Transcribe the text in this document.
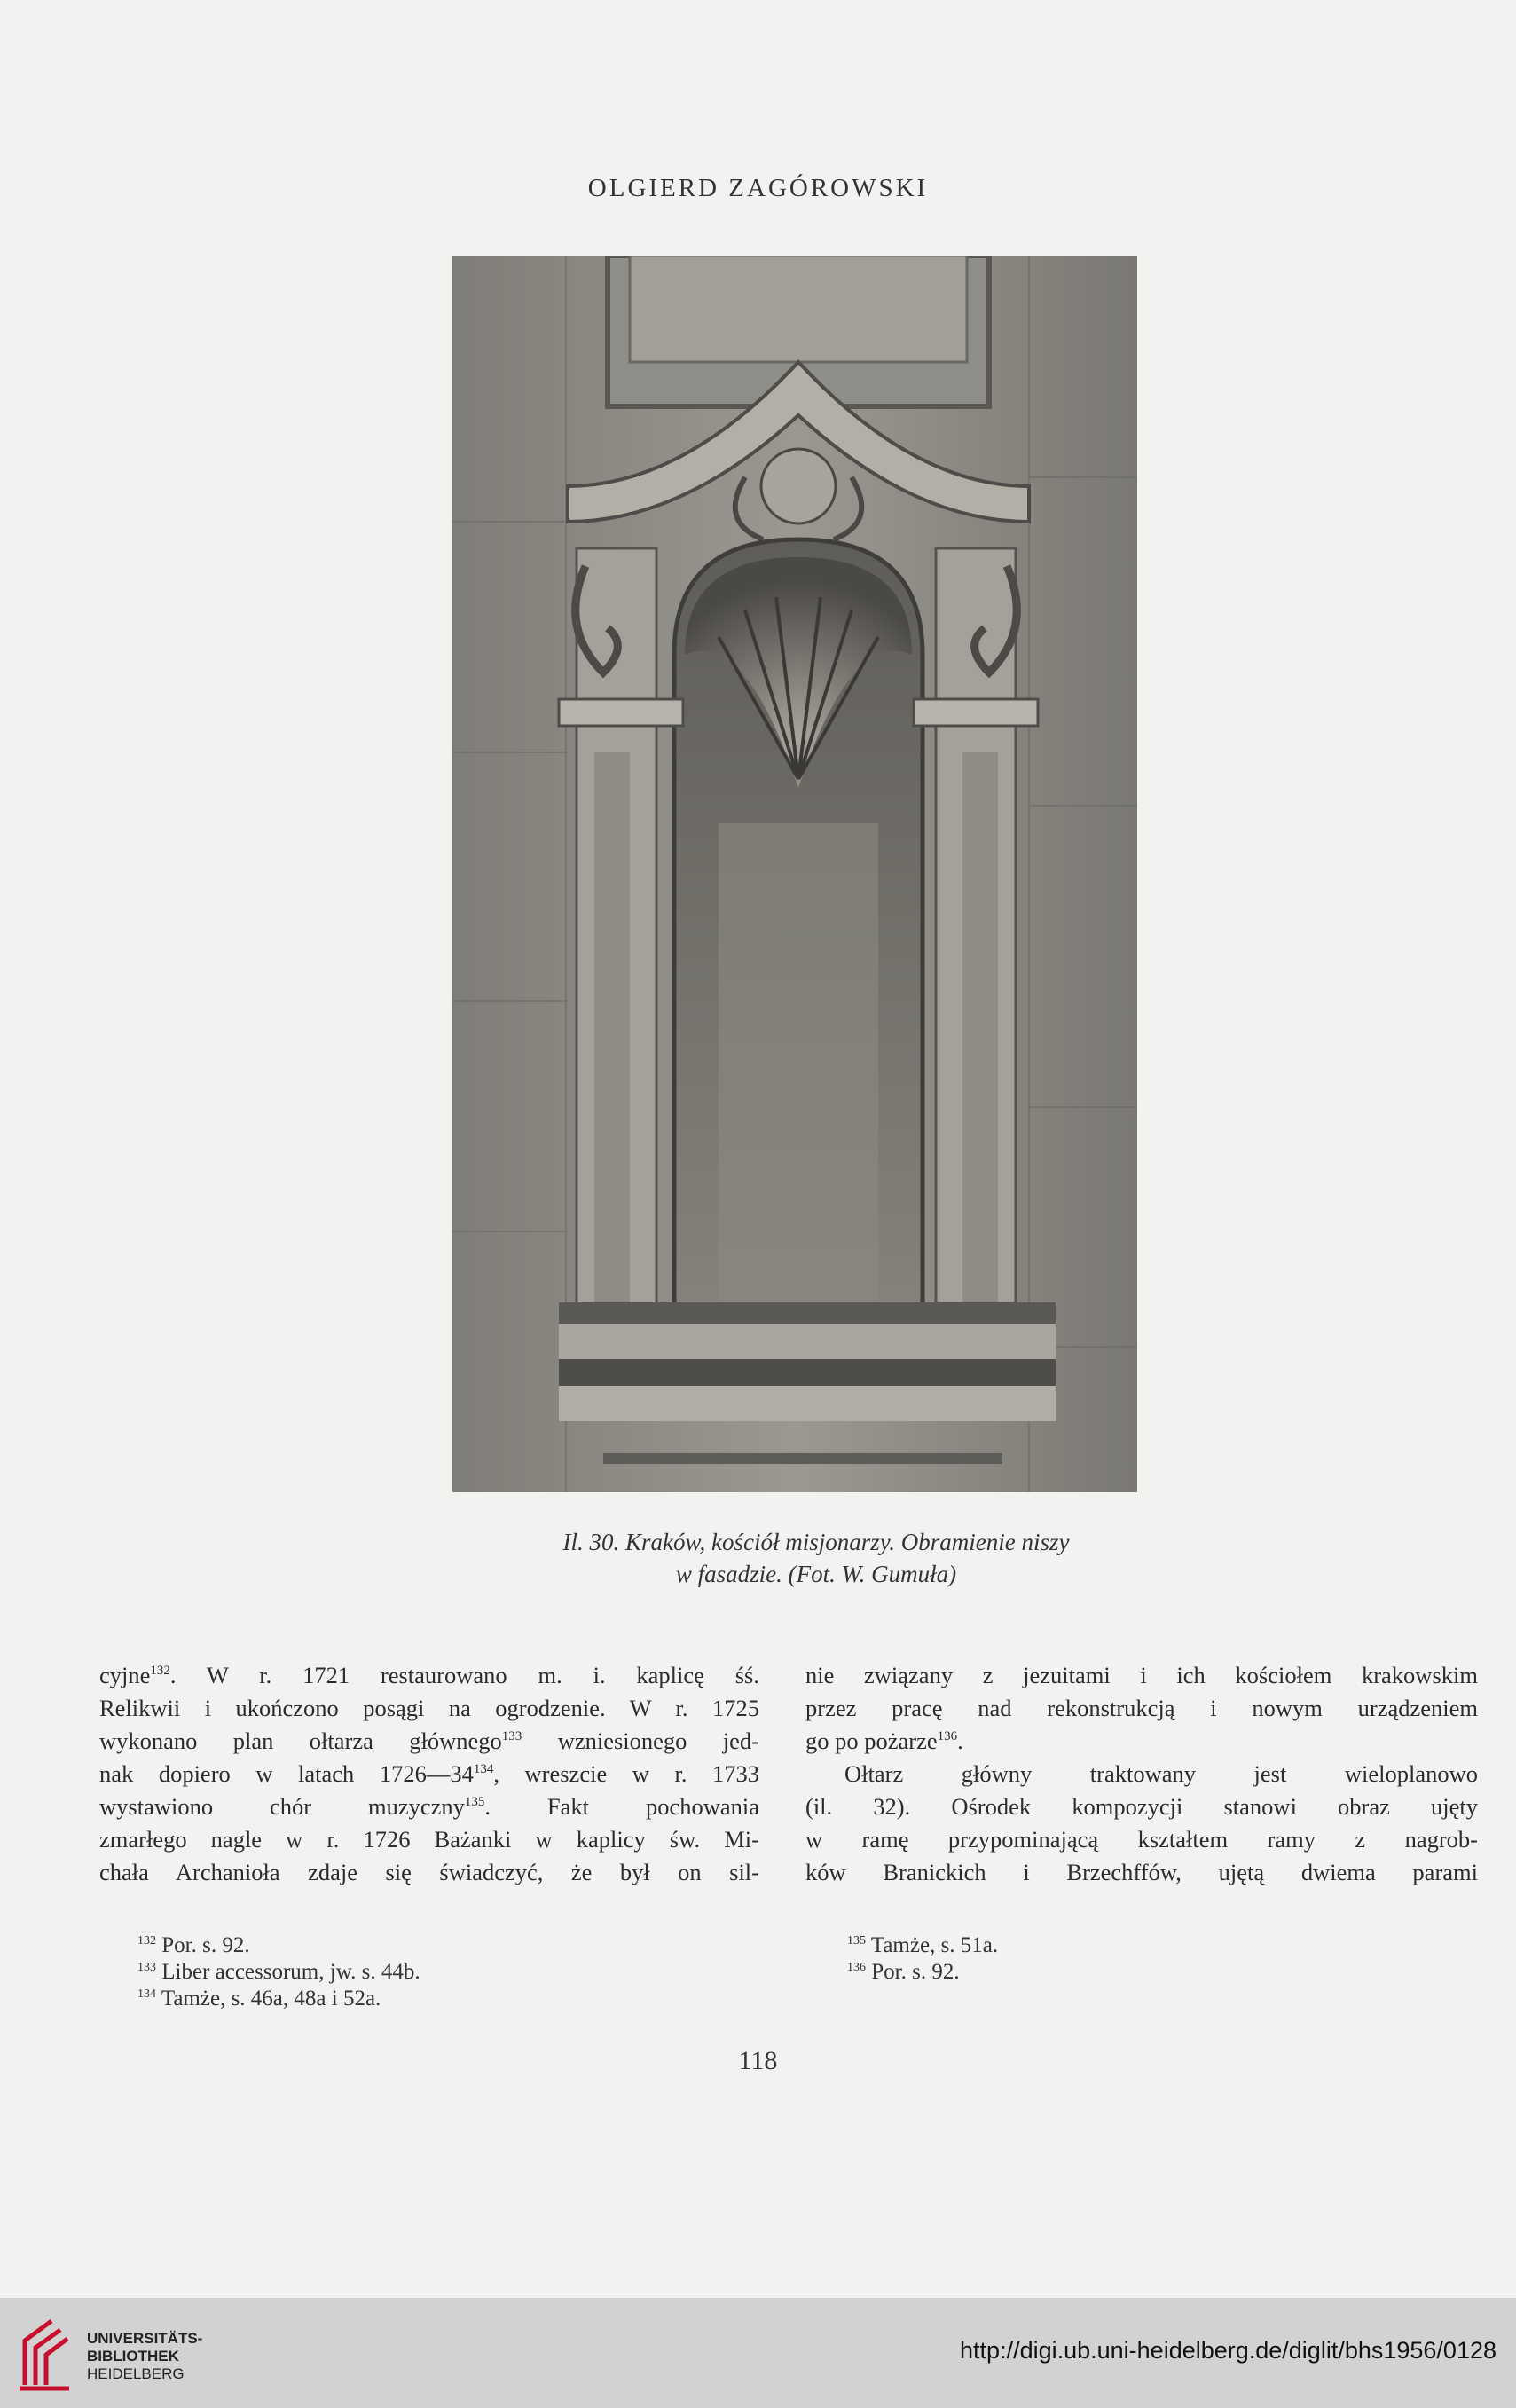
OLGIERD ZAGÓROWSKI
Il. 30. Kraków, kościół misjonarzy. Obramienie niszy
w fasadzie. (Fot. W. Gumuła)
cyjne$^{132}$. W r. 1721 restaurowano m. i. kaplicę śś.
Relikwii i ukończono posągi na ogrodzenie. W r. 1725
wykonano plan ołtarza głównego$^{133}$ wzniesionego jed-
nak dopiero w latach $1726—34^{134}$, wreszcie w r. 1733
wystawiono chór muzyczny$^{135}$. Fakt pochowania
zmarłego nagle w r. 1726 Bażanki w kaplicy św. Mi-
chała Archanioła zdaje się świadczyć, że był on sil-
nie związany z jezuitami i ich kościołem krakowskim
przez pracę nad rekonstrukcją i nowym urządzeniem
go po pożarze$^{136}$.
Ołtarz główny traktowany jest wieloplanowo
(il. 32). Ośrodek kompozycji stanowi obraz ujęty
w ramę przypominającą kształtem ramy z nagrob-
ków Branickich i Brzechffów, ujętą dwiema parami
$^{132}$ Por. s. 92.
$^{133}$ Liber accessorum, jw. s. 44b.
$^{134}$ Tamże, s. 46a, 48a i 52a.
$^{135}$ Tamże, s. 51a.
$^{136}$ Por. s. 92.
118
UNIVERSITÄTS-
BIBLIOTHEK
HEIDELBERG
http://digi.ub.uni-heidelberg.de/diglit/bhs1956/0128
